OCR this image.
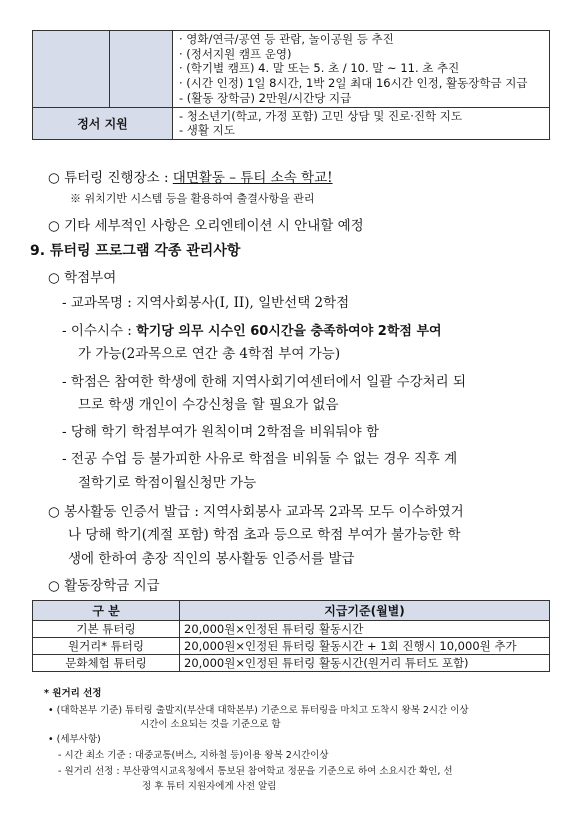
		· 영화/연극/공연 등 관람, 놀이공원 등 추진
· (정서지원 캠프 운영)
· (학기별 캠프) 4. 말 또는 5. 초 / 10. 말 ~ 11. 초 추진
· (시간 인정) 1일 8시간, 1박 2일 최대 16시간 인정, 활동장학금 지급
- (활동 장학금) 2만원/시간당 지급

정서 지원		- 청소년기(학교, 가정 포함) 고민 상담 및 진로·진학 지도
- 생활 지도
○ 튜터링 진행장소 : 대면활동 – 튜티 소속 학교!
※ 위치기반 시스템 등을 활용하여 출결사항을 관리
○ 기타 세부적인 사항은 오리엔테이션 시 안내할 예정
9. 튜터링 프로그램 각종 관리사항
○ 학점부여
- 교과목명 : 지역사회봉사(I, II), 일반선택 2학점
- 이수시수 : 학기당 의무 시수인 60시간을 충족하여야 2학점 부여
가 가능(2과목으로 연간 총 4학점 부여 가능)
- 학점은 참여한 학생에 한해 지역사회기여센터에서 일괄 수강처리 되
므로 학생 개인이 수강신청을 할 필요가 없음
- 당해 학기 학점부여가 원칙이며 2학점을 비워둬야 함
- 전공 수업 등 불가피한 사유로 학점을 비워둘 수 없는 경우 직후 계
절학기로 학점이월신청만 가능
○ 봉사활동 인증서 발급 : 지역사회봉사 교과목 2과목 모두 이수하였거
나 당해 학기(계절 포함) 학점 초과 등으로 학점 부여가 불가능한 학
생에 한하여 총장 직인의 봉사활동 인증서를 발급
○ 활동장학금 지급
구 분	지급기준(월별)
기본 튜터링	20,000원×인정된 튜터링 활동시간
원거리* 튜터링	20,000원×인정된 튜터링 활동시간 + 1회 진행시 10,000원 추가
문화체험 튜터링	20,000원×인정된 튜터링 활동시간(원거리 튜터도 포함)
* 원거리 선정
• (대학본부 기준) 튜터링 출발지(부산대 대학본부) 기준으로 튜터링을 마치고 도착시 왕복 2시간 이상
시간이 소요되는 것을 기준으로 함
• (세부사항)
- 시간 최소 기준 : 대중교통(버스, 지하철 등)이용 왕복 2시간이상
- 원거리 선정 : 부산광역시교육청에서 통보된 참여학교 정문을 기준으로 하여 소요시간 확인, 선
정 후 튜터 지원자에게 사전 알림
